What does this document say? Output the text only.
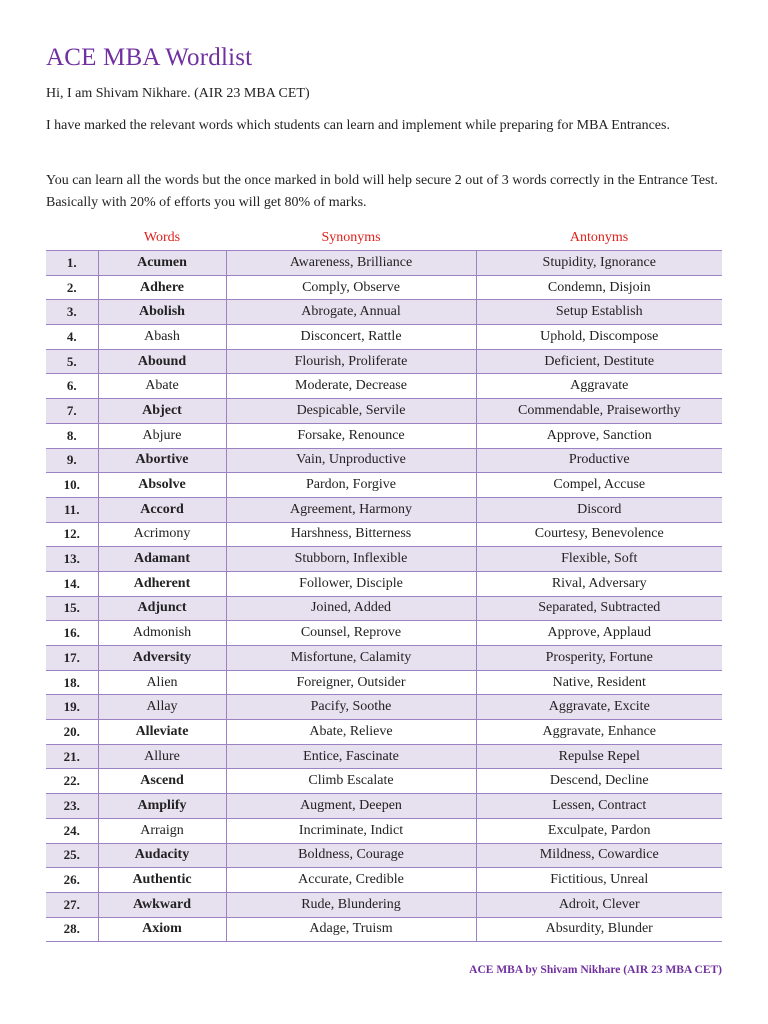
ACE MBA Wordlist

Hi, I am Shivam Nikhare. (AIR 23 MBA CET)

I have marked the relevant words which students can learn and implement while preparing for MBA Entrances.

You can learn all the words but the once marked in bold will help secure 2 out of 3 words correctly in the Entrance Test. Basically with 20% of efforts you will get 80% of marks.

	Words	Synonyms	Antonyms
1.	Acumen	Awareness, Brilliance	Stupidity, Ignorance
2.	Adhere	Comply, Observe	Condemn, Disjoin
3.	Abolish	Abrogate, Annual	Setup Establish
4.	Abash	Disconcert, Rattle	Uphold, Discompose
5.	Abound	Flourish, Proliferate	Deficient, Destitute
6.	Abate	Moderate, Decrease	Aggravate
7.	Abject	Despicable, Servile	Commendable, Praiseworthy
8.	Abjure	Forsake, Renounce	Approve, Sanction
9.	Abortive	Vain, Unproductive	Productive
10.	Absolve	Pardon, Forgive	Compel, Accuse
11.	Accord	Agreement, Harmony	Discord
12.	Acrimony	Harshness, Bitterness	Courtesy, Benevolence
13.	Adamant	Stubborn, Inflexible	Flexible, Soft
14.	Adherent	Follower, Disciple	Rival, Adversary
15.	Adjunct	Joined, Added	Separated, Subtracted
16.	Admonish	Counsel, Reprove	Approve, Applaud
17.	Adversity	Misfortune, Calamity	Prosperity, Fortune
18.	Alien	Foreigner, Outsider	Native, Resident
19.	Allay	Pacify, Soothe	Aggravate, Excite
20.	Alleviate	Abate, Relieve	Aggravate, Enhance
21.	Allure	Entice, Fascinate	Repulse Repel
22.	Ascend	Climb Escalate	Descend, Decline
23.	Amplify	Augment, Deepen	Lessen, Contract
24.	Arraign	Incriminate, Indict	Exculpate, Pardon
25.	Audacity	Boldness, Courage	Mildness, Cowardice
26.	Authentic	Accurate, Credible	Fictitious, Unreal
27.	Awkward	Rude, Blundering	Adroit, Clever
28.	Axiom	Adage, Truism	Absurdity, Blunder
ACE MBA by Shivam Nikhare (AIR 23 MBA CET)
